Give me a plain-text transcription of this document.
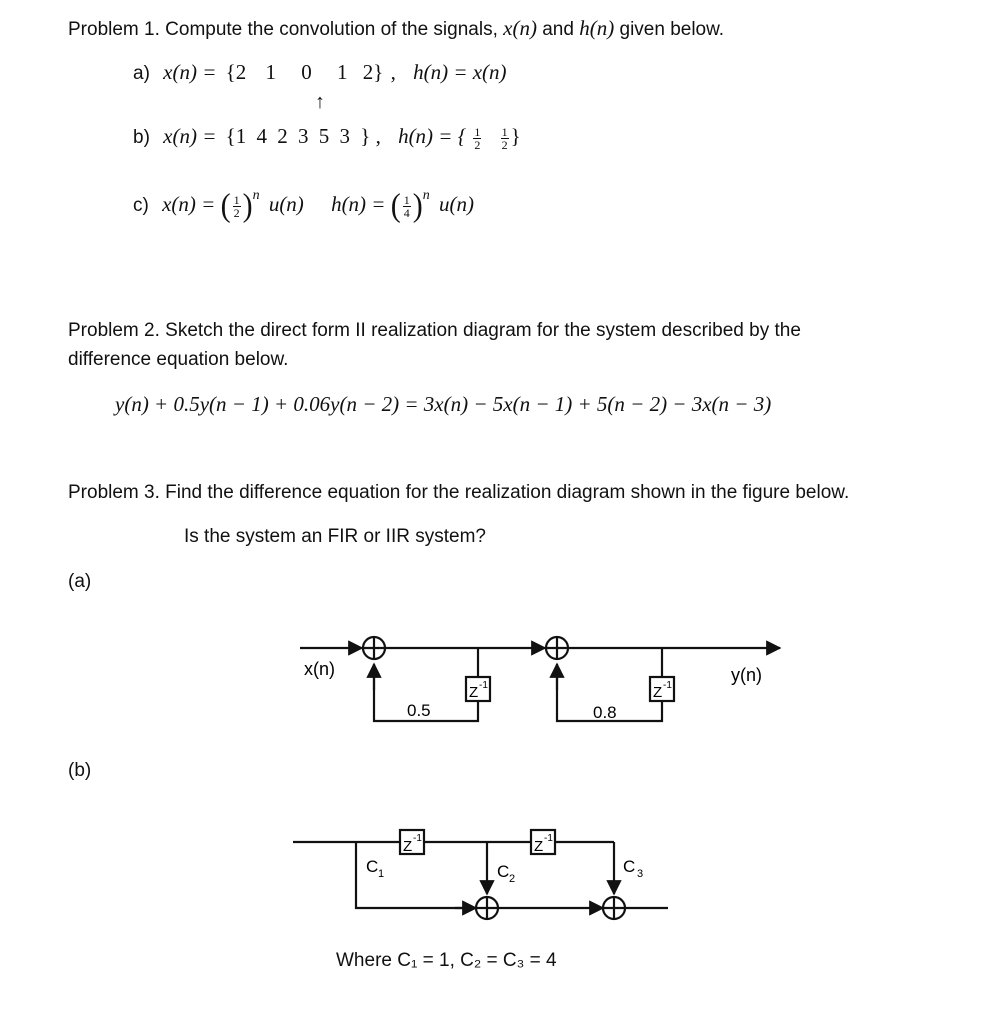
Problem 1. Compute the convolution of the signals, x(n) and h(n) given below.
a) x(n) = {2 1 0 1 2} , h(n) = x(n)
↑
b) x(n) = {1 4 2 3 5 3 } , h(n) = { $\frac{1}{2}$
$\frac{1}{2}$ }
c) x(n) = ( $\frac{1}{2} )^n$ u(n) h(n) = ( $\frac{1}{4} )^n$ u(n)
Problem 2. Sketch the direct form II realization diagram for the system described by the
difference equation below.
y(n) + 0.5y(n − 1) + 0.06y(n − 2) = 3x(n) − 5x(n − 1) + 5(n − 2) − 3x(n − 3)
Problem 3. Find the difference equation for the realization diagram shown in the figure below.
Is the system an FIR or IIR system?
(a)
(b)
x(n)	y(n)
0.5	0.8
Z -1	Z -1
Z -1	Z -1
C 1	C 2
C 3
Where C₁ = 1, C₂ = C₃ = 4
